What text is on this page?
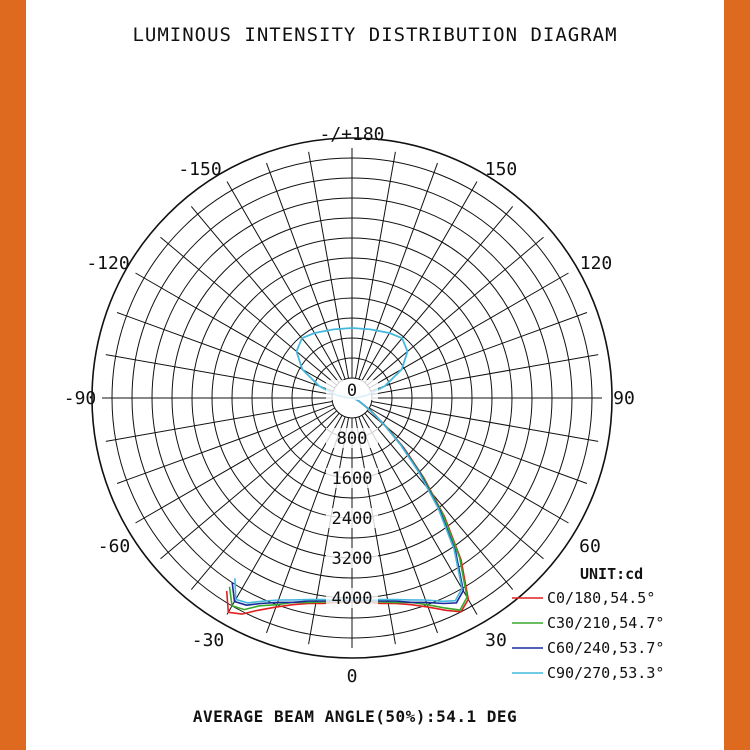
LUMINOUS INTENSITY DISTRIBUTION DIAGRAM
-/+180
150
120
90
60
30
0
-30
-60
-90
-120
-150
0
800
1600
2400
3200
4000
UNIT:cd
C0/180,54.5°
C30/210,54.7°
C60/240,53.7°
C90/270,53.3°
AVERAGE BEAM ANGLE(50%):54.1 DEG
